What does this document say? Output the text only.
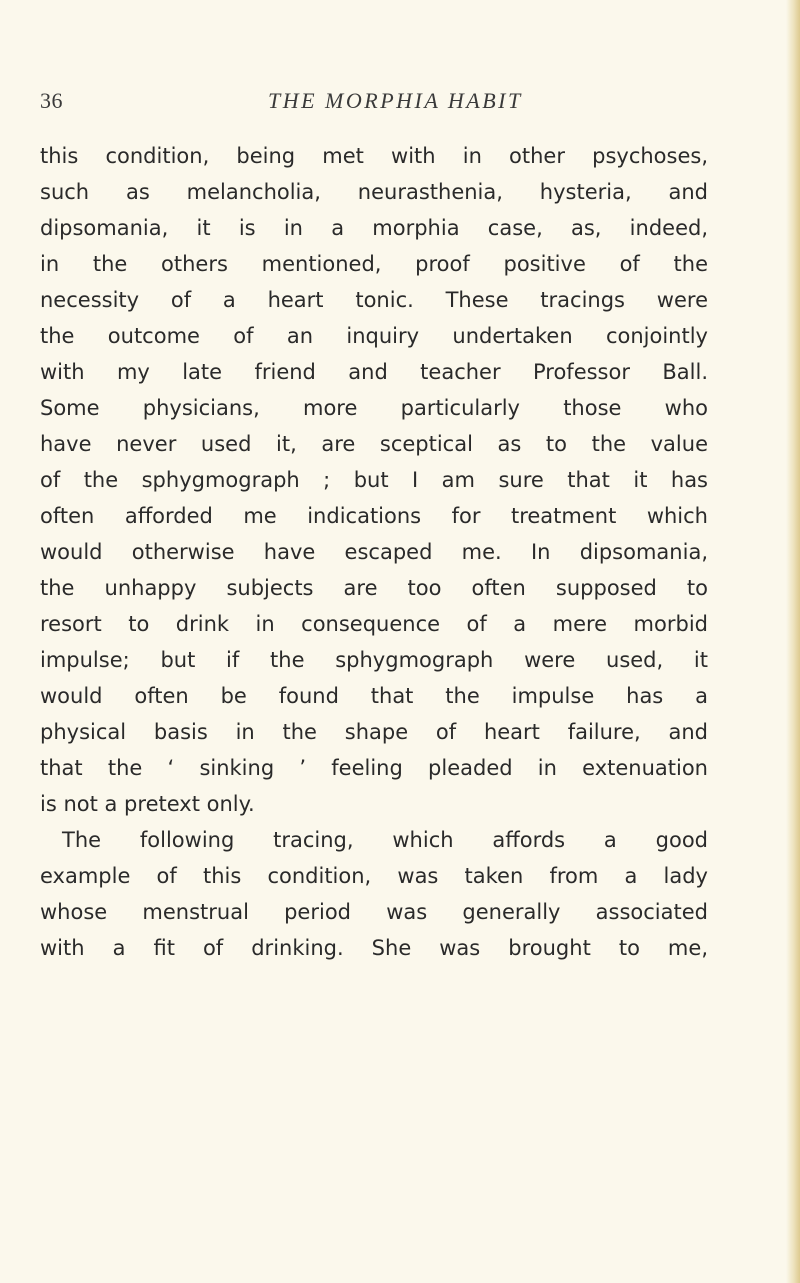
36	THE MORPHIA HABIT
this condition, being met with in other psychoses,
such as melancholia, neurasthenia, hysteria, and
dipsomania, it is in a morphia case, as, indeed,
in the others mentioned, proof positive of the
necessity of a heart tonic. These tracings were
the outcome of an inquiry undertaken conjointly
with my late friend and teacher Professor Ball.
Some physicians, more particularly those who
have never used it, are sceptical as to the value
of the sphygmograph ; but I am sure that it has
often afforded me indications for treatment which
would otherwise have escaped me. In dipsomania,
the unhappy subjects are too often supposed to
resort to drink in consequence of a mere morbid
impulse; but if the sphygmograph were used, it
would often be found that the impulse has a
physical basis in the shape of heart failure, and
that the ‘ sinking ’ feeling pleaded in extenuation
is not a pretext only.
The following tracing, which affords a good
example of this condition, was taken from a lady
whose menstrual period was generally associated
with a fit of drinking. She was brought to me,
